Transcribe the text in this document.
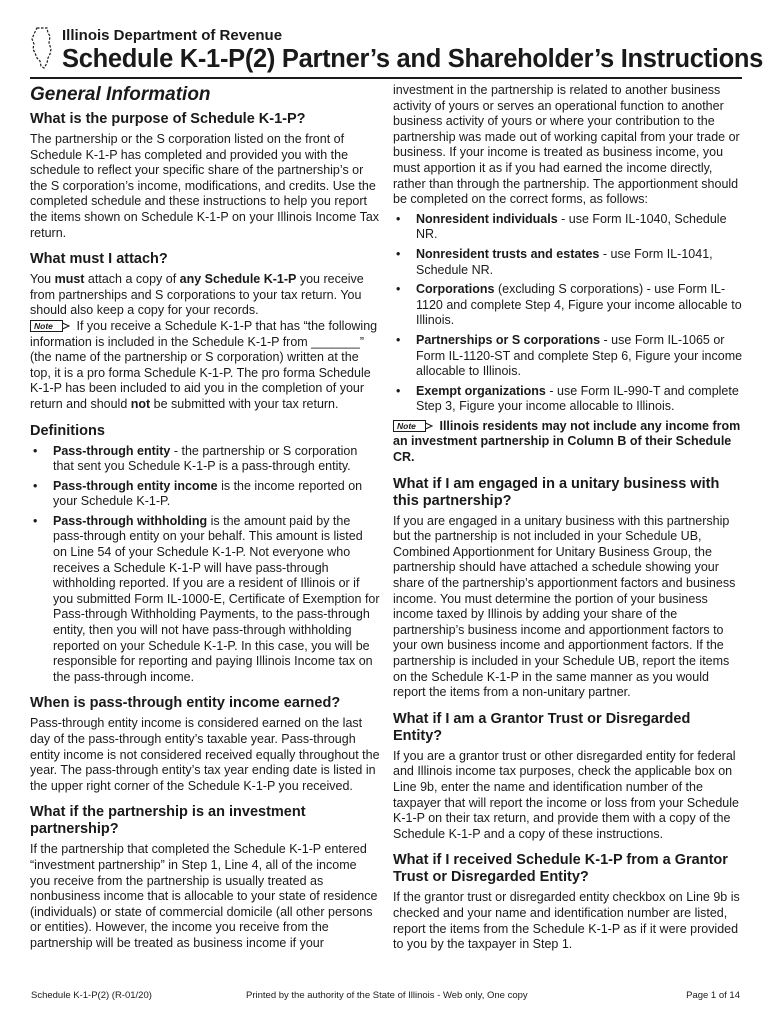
Illinois Department of Revenue
Schedule K-1-P(2) Partner’s and Shareholder’s Instructions
General Information
What is the purpose of Schedule K-1-P?

The partnership or the S corporation listed on the front of Schedule K-1-P has completed and provided you with the schedule to reflect your specific share of the partnership’s or the S corporation’s income, modifications, and credits. Use the completed schedule and these instructions to help you report the items shown on Schedule K-1-P on your Illinois Income Tax return.

What must I attach?

You must attach a copy of any Schedule K-1-P you receive from partnerships and S corporations to your tax return. You should also keep a copy for your records.

Note If you receive a Schedule K-1-P that has “the following information is included in the Schedule K-1-P from _______” (the name of the partnership or S corporation) written at the top, it is a pro forma Schedule K-1-P. The pro forma Schedule K-1-P has been included to aid you in the completion of your return and should not be submitted with your tax return.

Definitions
• Pass-through entity - the partnership or S corporation that sent you Schedule K-1-P is a pass-through entity.
• Pass-through entity income is the income reported on your Schedule K-1-P.
• Pass-through withholding is the amount paid by the pass-through entity on your behalf. This amount is listed on Line 54 of your Schedule K-1-P. Not everyone who receives a Schedule K-1-P will have pass-through withholding reported. If you are a resident of Illinois or if you submitted Form IL-1000-E, Certificate of Exemption for Pass-through Withholding Payments, to the pass-through entity, then you will not have pass-through withholding reported on your Schedule K-1-P. In this case, you will be responsible for reporting and paying Illinois Income tax on the pass-through income.
When is pass-through entity income earned?

Pass-through entity income is considered earned on the last day of the pass-through entity’s taxable year. Pass-through entity income is not considered received equally throughout the year. The pass-through entity’s tax year ending date is listed in the upper right corner of the Schedule K-1-P you received.

What if the partnership is an investment partnership?

If the partnership that completed the Schedule K-1-P entered “investment partnership” in Step 1, Line 4, all of the income you receive from the partnership is usually treated as nonbusiness income that is allocable to your state of residence (individuals) or state of commercial domicile (all other persons or entities). However, the income you receive from the partnership will be treated as business income if your

investment in the partnership is related to another business activity of yours or serves an operational function to another business activity of yours or where your contribution to the partnership was made out of working capital from your trade or business. If your income is treated as business income, you must apportion it as if you had earned the income directly, rather than through the partnership. The apportionment should be completed on the correct forms, as follows:

• Nonresident individuals - use Form IL-1040, Schedule NR.
• Nonresident trusts and estates - use Form IL-1041, Schedule NR.
• Corporations (excluding S corporations) - use Form IL-1120 and complete Step 4, Figure your income allocable to Illinois.
• Partnerships or S corporations - use Form IL-1065 or Form IL-1120-ST and complete Step 6, Figure your income allocable to Illinois.
• Exempt organizations - use Form IL-990-T and complete Step 3, Figure your income allocable to Illinois.

Note Illinois residents may not include any income from an investment partnership in Column B of their Schedule CR.

What if I am engaged in a unitary business with this partnership?

If you are engaged in a unitary business with this partnership but the partnership is not included in your Schedule UB, Combined Apportionment for Unitary Business Group, the partnership should have attached a schedule showing your share of the partnership’s apportionment factors and business income. You must determine the portion of your business income taxed by Illinois by adding your share of the partnership’s business income and apportionment factors to your own business income and apportionment factors. If the partnership is included in your Schedule UB, report the items on the Schedule K-1-P in the same manner as you would report the items from a non-unitary partner.

What if I am a Grantor Trust or Disregarded Entity?

If you are a grantor trust or other disregarded entity for federal and Illinois income tax purposes, check the applicable box on Line 9b, enter the name and identification number of the taxpayer that will report the income or loss from your Schedule K-1-P on their tax return, and provide them with a copy of the Schedule K-1-P and a copy of these instructions.

What if I received Schedule K-1-P from a Grantor Trust or Disregarded Entity?

If the grantor trust or disregarded entity checkbox on Line 9b is checked and your name and identification number are listed, report the items from the Schedule K-1-P as if it were provided to you by the taxpayer in Step 1.

Schedule K-1-P(2) (R-01/20)	Printed by the authority of the State of Illinois - Web only, One copy	Page 1 of 14
